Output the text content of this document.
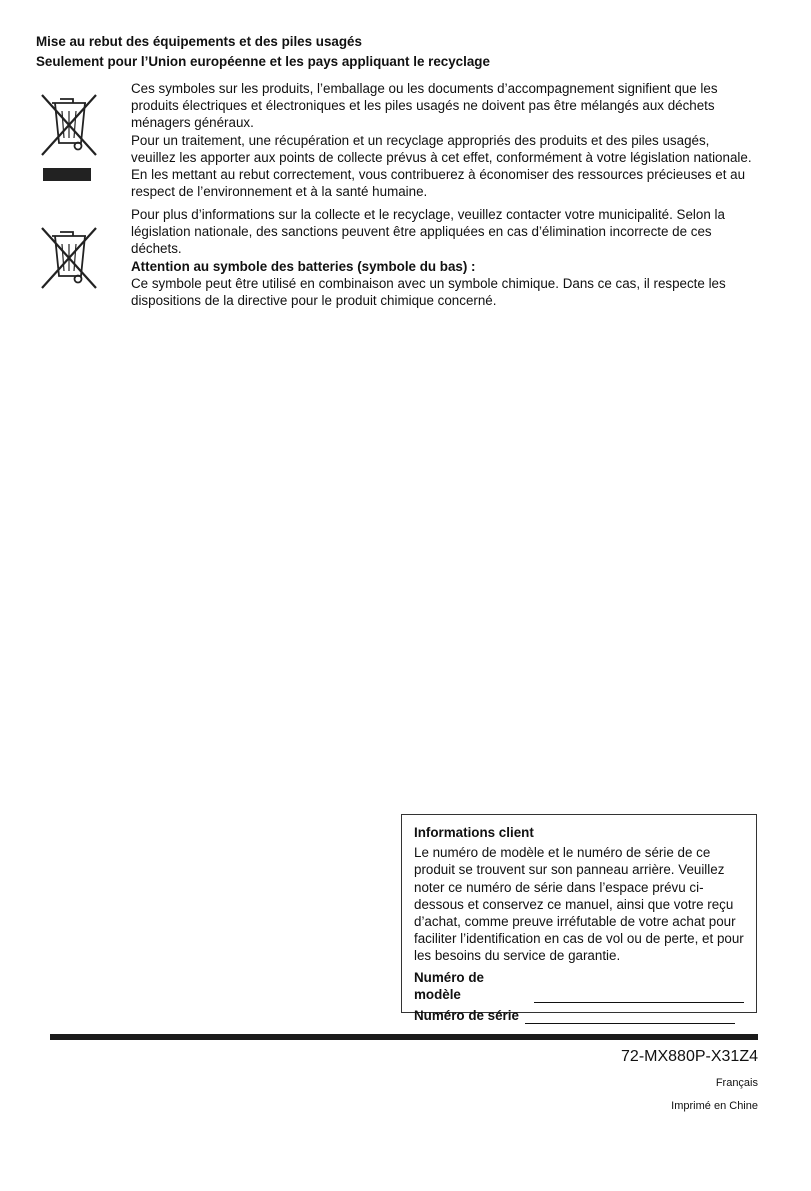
Mise au rebut des équipements et des piles usagés
Seulement pour l’Union européenne et les pays appliquant le recyclage

Ces symboles sur les produits, l’emballage ou les documents d’accompagnement signifient que les produits électriques et électroniques et les piles usagés ne doivent pas être mélangés aux déchets ménagers généraux.

Pour un traitement, une récupération et un recyclage appropriés des produits et des piles usagés, veuillez les apporter aux points de collecte prévus à cet effet, conformément à votre législation nationale. En les mettant au rebut correctement, vous contribuerez à économiser des ressources précieuses et au respect de l’environnement et à la santé humaine.

Pour plus d’informations sur la collecte et le recyclage, veuillez contacter votre municipalité. Selon la législation nationale, des sanctions peuvent être appliquées en cas d’élimination incorrecte de ces déchets.

Attention au symbole des batteries (symbole du bas) :

Ce symbole peut être utilisé en combinaison avec un symbole chimique. Dans ce cas, il respecte les dispositions de la directive pour le produit chimique concerné.

Informations client

Le numéro de modèle et le numéro de série de ce produit se trouvent sur son panneau arrière. Veuillez noter ce numéro de série dans l’espace prévu ci-dessous et conservez ce manuel, ainsi que votre reçu d’achat, comme preuve irréfutable de votre achat pour faciliter l’identification en cas de vol ou de perte, et pour les besoins du service de garantie.

Numéro de modèle
Numéro de série
72-MX880P-X31Z4
Français
Imprimé en Chine
